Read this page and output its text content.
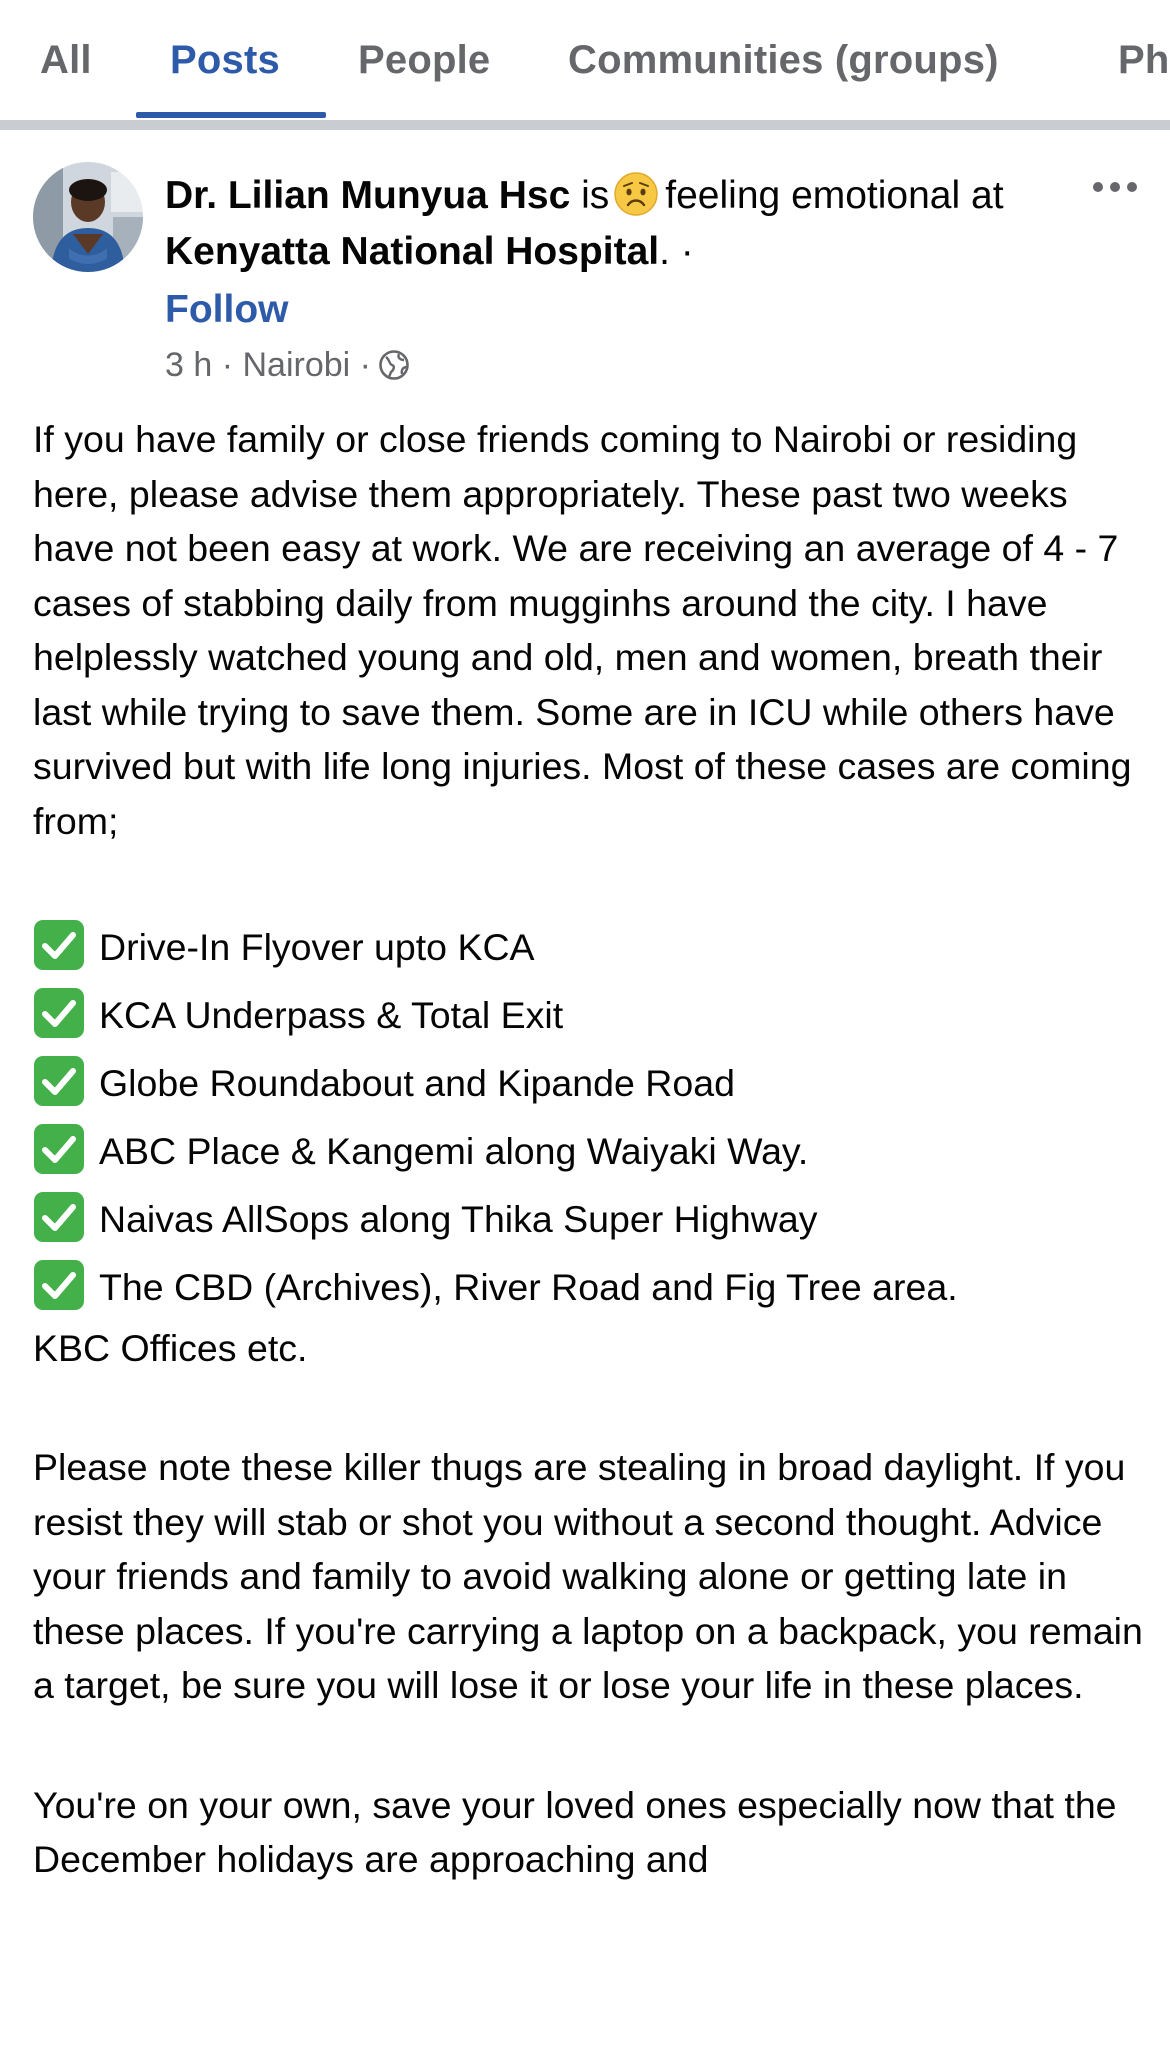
All Posts People Communities (groups)	Ph
Dr. Lilian Munyua Hsc is feeling emotional at Kenyatta National Hospital. ·
Follow
3 h · Nairobi ·

If you have family or close friends coming to Nairobi or residing here, please advise them appropriately. These past two weeks have not been easy at work. We are receiving an average of 4 - 7 cases of stabbing daily from mugginhs around the city. I have helplessly watched young and old, men and women, breath their last while trying to save them. Some are in ICU while others have survived but with life long injuries. Most of these cases are coming from;

Drive-In Flyover upto KCA
KCA Underpass & Total Exit
Globe Roundabout and Kipande Road
ABC Place & Kangemi along Waiyaki Way.
Naivas AllSops along Thika Super Highway
The CBD (Archives), River Road and Fig Tree area.
KBC Offices etc.

Please note these killer thugs are stealing in broad daylight. If you resist they will stab or shot you without a second thought. Advice your friends and family to avoid walking alone or getting late in these places. If you're carrying a laptop on a backpack, you remain a target, be sure you will lose it or lose your life in these places.

You're on your own, save your loved ones especially now that the December holidays are approaching and
